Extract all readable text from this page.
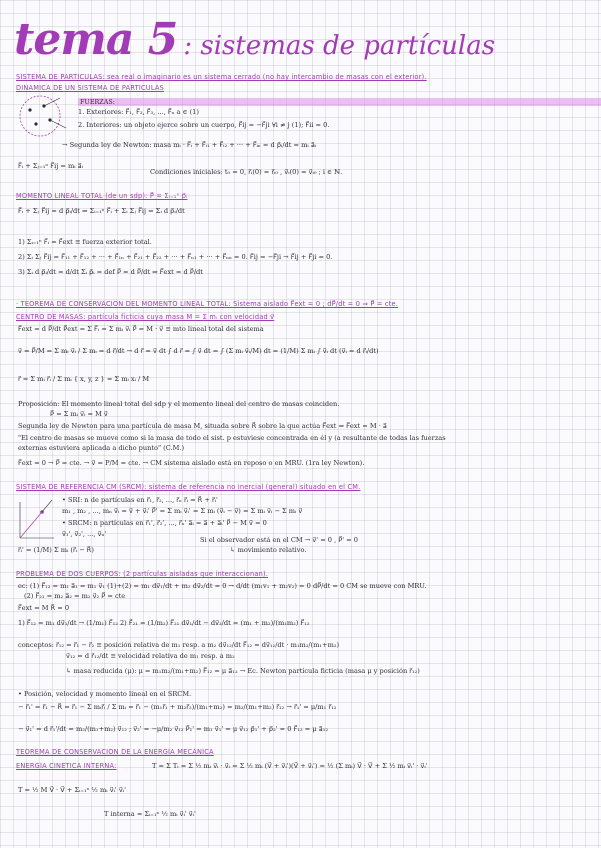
tema 5 : sistemas de partículas
SISTEMA DE PARTICULAS: sea real o imaginario es un sistema cerrado (no hay intercambio de masas con el exterior).
DINÁMICA DE UN SISTEMA DE PARTÍCULAS
FUERZAS:
1. Exteriores: F⃗₁, F⃗₂, F⃗₃, ..., F⃗ₙ a ∈ (1)
2. Interiores: un objeto ejerce sobre un cuerpo, F⃗ij = −F⃗ji ∀i ≠ j (1); F⃗ii = 0.
→ Segunda ley de Newton: masa mᵢ · F⃗ᵢ + F⃗ᵢ₁ + F⃗ᵢ₂ + ··· + F⃗ᵢₙ = d p⃗ᵢ/dt = mᵢ a⃗ᵢ
F⃗ᵢ + Σⱼ₌₁ⁿ F⃗ij = mᵢ a⃗ᵢ
Condiciones iniciales: t₀ = 0, r⃗ᵢ(0) = r⃗ᵢ₀ , v⃗ᵢ(0) = v⃗ᵢ₀ ; i ∈ ℕ.
MOMENTO LINEAL TOTAL (de un sdp): P⃗ = Σᵢ₌₁ⁿ p⃗ᵢ
F⃗ᵢ + Σⱼ F⃗ij = d p⃗ᵢ/dt ⇒ Σᵢ₌₁ⁿ F⃗ᵢ + Σᵢ Σⱼ F⃗ij = Σᵢ d p⃗ᵢ/dt
1) Σᵢ₌₁ⁿ F⃗ᵢ = F⃗ext ≡ fuerza exterior total.
2) Σᵢ Σⱼ F⃗ij = F⃗₁₁ + F⃗₁₂ + ··· + F⃗₁ₙ + F⃗₂₁ + F⃗₂₂ + ··· + F⃗ₙ₁ + ··· + F⃗ₙₙ = 0. F⃗ij = −F⃗ji → F⃗ij + F⃗ji = 0.
3) Σᵢ d p⃗ᵢ/dt = d/dt Σᵢ p⃗ᵢ = def P⃗ = d P⃗/dt ⇒ F⃗ext = d P⃗/dt
· TEOREMA DE CONSERVACIÓN DEL MOMENTO LINEAL TOTAL: Sistema aislado F⃗ext = 0 ; dP⃗/dt = 0 ⇒ P⃗ = cte.
CENTRO DE MASAS: partícula ficticia cuya masa M = Σ mᵢ con velocidad v⃗
F⃗ext = d P⃗/dt P⃗ext = Σ F⃗ᵢ = Σ mᵢ v⃗ᵢ P⃗ = M · v⃗ ≡ mto lineal total del sistema
v⃗ = P⃗/M = Σ mᵢ v⃗ᵢ / Σ mᵢ = d r⃗/dt → d r⃗ = v⃗ dt ∫ d r⃗ = ∫ v⃗ dt = ∫ (Σ mᵢ v⃗ᵢ/M) dt = (1/M) Σ mᵢ ∫ v⃗ᵢ dt (v⃗ᵢ = d r⃗ᵢ/dt)
r⃗ = Σ mᵢ r⃗ᵢ / Σ mᵢ { x, y, z } = Σ mᵢ xᵢ / M
Proposición: El momento lineal total del sdp y el momento lineal del centro de masas coinciden.
P⃗ = Σ mᵢ v⃗ᵢ = M v⃗
Segunda ley de Newton para una partícula de masa M, situada sobre R⃗ sobre la que actúa F⃗ext ⇒ F⃗ext = M · a⃗
"El centro de masas se mueve como si la masa de todo el sist. p estuviese concentrada en él y (a resultante de todas las fuerzas
externas estuviera aplicada a dicho punto" (C.M.)
F⃗ext = 0 → P⃗ = cte. → v⃗ = P/M = cte. → CM sistema aislado está en reposo o en MRU. (1ra ley Newton).
SISTEMA DE REFERENCIA CM (SRCM): sistema de referencia no inercial (general) situado en el CM.
• SRI: n de partículas en r⃗₁, r⃗₂, ..., r⃗ₙ r⃗ᵢ = R⃗ + r⃗ᵢ'
m₁ , m₂ , ..., mₙ v⃗ᵢ = v⃗ + v⃗ᵢ' P⃗' = Σ mᵢ v⃗ᵢ' = Σ mᵢ (v⃗ᵢ − v⃗) = Σ mᵢ v⃗ᵢ − Σ mᵢ v⃗
• SRCM: n partículas en r⃗₁', r⃗₂', ..., r⃗ₙ' a⃗ᵢ = a⃗ + a⃗ᵢ' P⃗ − M v⃗ = 0
v⃗₁', v⃗₂', ..., v⃗ₙ'
Si el observador está en el CM → v⃗' = 0 , P⃗' = 0
↳ movimiento relativo.
r⃗ᵢ' = (1/M) Σ mᵢ (r⃗ᵢ − R⃗)
PROBLEMA DE DOS CUERPOS: (2 partículas aisladas que interaccionan).
ec: (1) F⃗₁₂ = m₁ a⃗₁ = m₁ v⃗₁ (1)+(2) = m₁ dv⃗₁/dt + m₂ dv⃗₂/dt = 0 → d/dt (m₁v₁ + m₂v₂) = 0 dP⃗/dt = 0 CM se mueve con MRU.
(2) F⃗₂₁ = m₂ a⃗₂ = m₂ v⃗₂ P⃗ = cte
F⃗ext = M R⃗ = 0
1) F⃗₁₂ = m₁ dv⃗₁/dt → (1/m₁) F⃗₁₂ 2) F⃗₂₁ = (1/m₂) F⃗₂₁ dv⃗₁/dt − dv⃗₂/dt = (m₁ + m₂)/(m₁m₂) F⃗₁₂
conceptos: r⃗₁₂ = r⃗₁ − r⃗₂ ≡ posición relativa de m₁ resp. a m₂ dv⃗₁₂/dt F⃗₁₂ = dv⃗₁₂/dt · m₁m₂/(m₁+m₂)
v⃗₁₂ = d r⃗₁₂/dt ≡ velocidad relativa de m₁ resp. a m₂
↳ masa reducida (μ): μ = m₁m₂/(m₁+m₂) F⃗₁₂ = μ a⃗₁₂ → Ec. Newton partícula ficticia (masa μ y posición r⃗₁₂)
• Posición, velocidad y momento lineal en el SRCM.
− r⃗₁' = r⃗₁ − R⃗ = r⃗₁ − Σ mᵢr⃗ᵢ / Σ mᵢ = r⃗₁ − (m₁r⃗₁ + m₂r⃗₂)/(m₁+m₂) = m₂/(m₁+m₂) r⃗₁₂ → r⃗₁' = μ/m₁ r⃗₁₂
− v⃗₁' = d r⃗₁'/dt = m₂/(m₁+m₂) v⃗₁₂ ; v⃗₂' = −μ/m₂ v⃗₁₂ P⃗₁' = m₁ v⃗₁' = μ v⃗₁₂ p⃗₁' + p⃗₂' = 0 F⃗₁₂ = μ a⃗₁₂
TEOREMA DE CONSERVACIÓN DE LA ENERGÍA MECÁNICA
ENERGÍA CINÉTICA INTERNA:	T = Σ Tᵢ = Σ ½ mᵢ v⃗ᵢ · v⃗ᵢ = Σ ½ mᵢ (V⃗ + v⃗ᵢ')(V⃗ + v⃗ᵢ') = ½ (Σ mᵢ) V⃗ · V⃗ + Σ ½ mᵢ v⃗ᵢ' · v⃗ᵢ'
T = ½ M V⃗ · V⃗ + Σᵢ₌₁ⁿ ½ mᵢ v⃗ᵢ' v⃗ᵢ'
T interna = Σᵢ₌₁ⁿ ½ mᵢ v⃗ᵢ' v⃗ᵢ'
